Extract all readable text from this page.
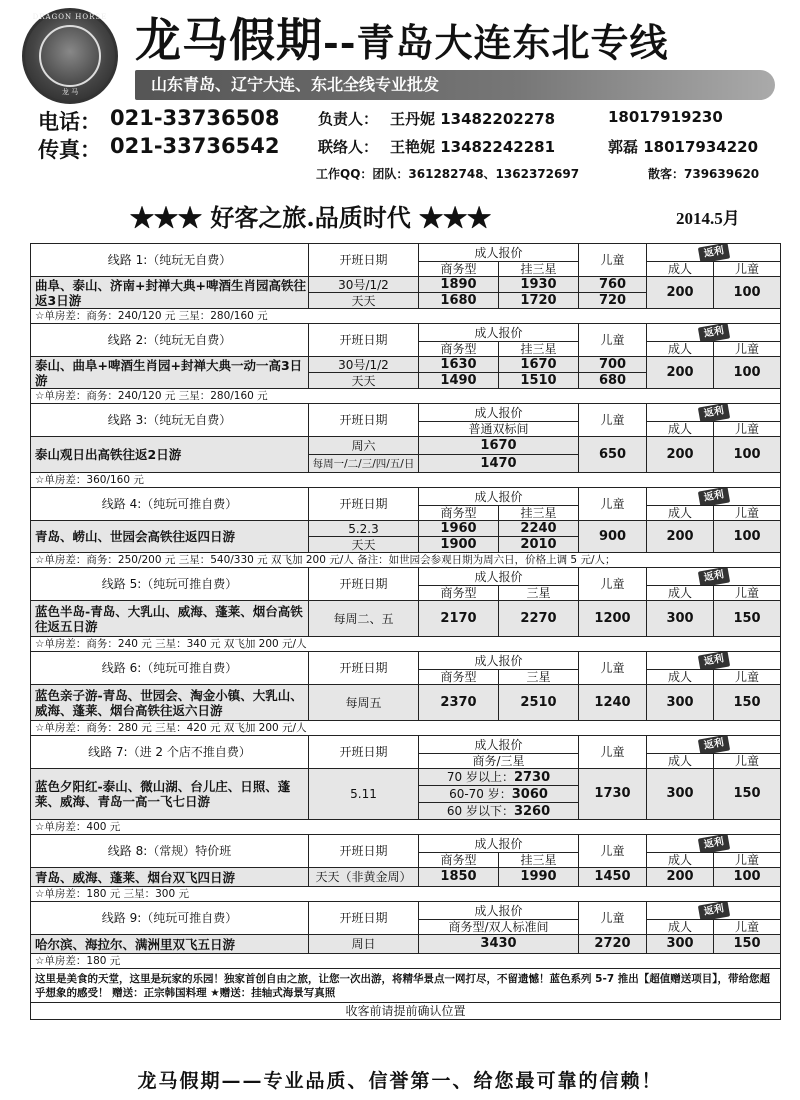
DRAGON HORSE
龙 马
龙马假期--青岛大连东北专线
山东青岛、辽宁大连、东北全线专业批发
电话： 021-33736508
传真： 021-33736542
负责人： 王丹妮 13482202278	18017919230
联络人： 王艳妮 13482242281	郭磊 18017934220
工作QQ：团队：361282748、1362372697	散客：739639620
★★★ 好客之旅.品质时代 ★★★	2014.5月
线路 1:（纯玩无自费）	开班日期	成人报价		儿童	返利	
		商务型	挂三星		成人	儿童
曲阜、泰山、济南+封禅大典+啤酒生肖园高铁往返3日游	30号/1/2	1890	1930	760	200	100
	天天	1680	1720	720		
☆单房差：商务：240/120 元 三星：280/160 元						
线路 2:（纯玩无自费）	开班日期	成人报价		儿童	返利	
		商务型	挂三星		成人	儿童
泰山、曲阜+啤酒生肖园+封禅大典一动一高3日游	30号/1/2	1630	1670	700	200	100
	天天	1490	1510	680		
☆单房差：商务：240/120 元 三星：280/160 元						
线路 3:（纯玩无自费）	开班日期	成人报价		儿童	返利	
		普通双标间			成人	儿童
泰山观日出高铁往返2日游	周六	1670		650	200	100
	每周一/二/三/四/五/日	1470				
☆单房差：360/160 元						
线路 4:（纯玩可推自费）	开班日期	成人报价		儿童	返利	
		商务型	挂三星		成人	儿童
青岛、崂山、世园会高铁往返四日游	5.2.3	1960	2240	900	200	100
	天天	1900	2010			
☆单房差：商务：250/200 元 三星：540/330 元 双飞加 200 元/人 备注：如世园会参观日期为周六日，价格上调 5 元/人；						
线路 5:（纯玩可推自费）	开班日期	成人报价		儿童	返利	
		商务型	三星		成人	儿童
蓝色半岛-青岛、大乳山、威海、蓬莱、烟台高铁往返五日游	每周二、五	2170	2270	1200	300	150
☆单房差：商务：240 元 三星：340 元 双飞加 200 元/人						
线路 6:（纯玩可推自费）	开班日期	成人报价		儿童	返利	
		商务型	三星		成人	儿童
蓝色亲子游-青岛、世园会、淘金小镇、大乳山、威海、蓬莱、烟台高铁往返六日游	每周五	2370	2510	1240	300	150
☆单房差：商务：280 元 三星：420 元 双飞加 200 元/人						
线路 7:（进 2 个店不推自费）	开班日期	成人报价		儿童	返利	
		商务/三星			成人	儿童
蓝色夕阳红-泰山、微山湖、台儿庄、日照、蓬莱、威海、青岛一高一飞七日游	5.11	70 岁以上：2730		1730	300	150
		60-70 岁：3060				
		60 岁以下：3260				
☆单房差：400 元						
线路 8:（常规）特价班	开班日期	成人报价		儿童	返利	
		商务型	挂三星		成人	儿童
青岛、威海、蓬莱、烟台双飞四日游	天天（非黄金周）	1850	1990	1450	200	100
☆单房差：180 元 三星：300 元						
线路 9:（纯玩可推自费）	开班日期	成人报价		儿童	返利	
		商务型/双人标准间			成人	儿童
哈尔滨、海拉尔、满洲里双飞五日游	周日	3430		2720	300	150
☆单房差：180 元						
这里是美食的天堂，这里是玩家的乐园！独家首创自由之旅，让您一次出游，将精华景点一网打尽，不留遗憾！蓝色系列 5-7 推出【超值赠送项目】，带给您超乎想象的感受！ 赠送：正宗韩国料理 ★赠送：挂轴式海景写真照						
收客前请提前确认位置						
龙马假期——专业品质、信誉第一、给您最可靠的信赖！
